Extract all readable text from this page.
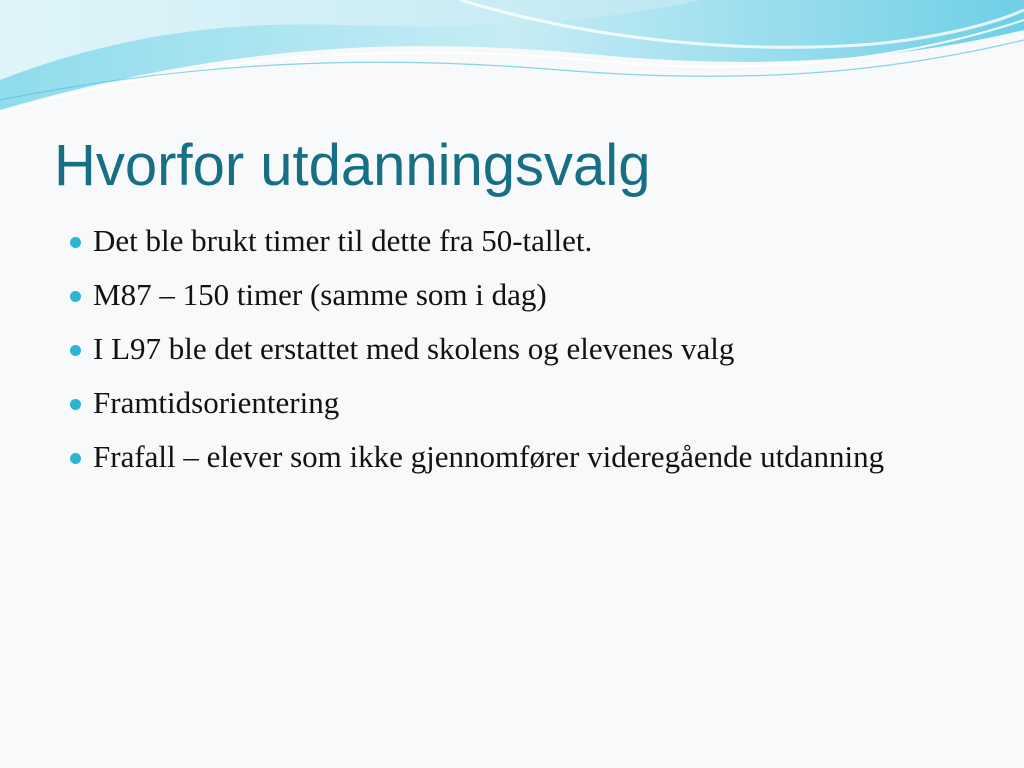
Hvorfor utdanningsvalg
Det ble brukt timer til dette fra 50-tallet.
M87 – 150 timer (samme som i dag)
I L97 ble det erstattet med skolens og elevenes valg
Framtidsorientering
Frafall – elever som ikke gjennomfører videregående utdanning
